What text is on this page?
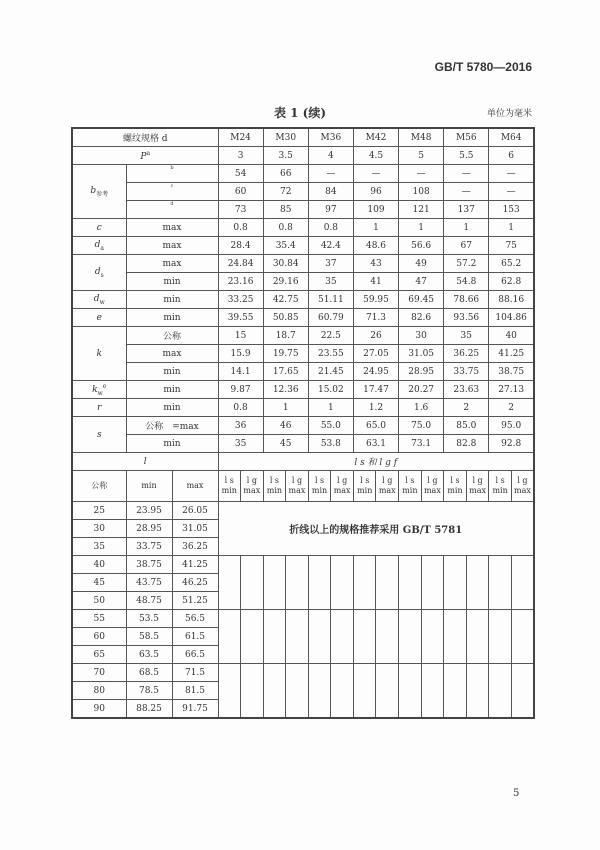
GB/T 5780—2016
表 1 (续)	单位为毫米
螺纹规格 d			M24		M30		M36		M42		M48		M56		M64	
$P^a$			3		3.5		4		4.5		5		5.5		6	
$b_{参考}$	b		54		66		—		—		—		—		—	
	c		60		72		84		96		108		—		—	
	d		73		85		97		109		121		137		153	
c	max		0.8		0.8		0.8		1		1		1		1	
$d_a$	max		28.4		35.4		42.4		48.6		56.6		67		75	
$d_s$	max		24.84		30.84		37		43		49		57.2		65.2	
	min		23.16		29.16		35		41		47		54.8		62.8	
$d_w$	min		33.25		42.75		51.11		59.95		69.45		78.66		88.16	
e	min		39.55		50.85		60.79		71.3		82.6		93.56		104.86	
k	公称		15		18.7		22.5		26		30		35		40	
	max		15.9		19.75		23.55		27.05		31.05		36.25		41.25	
	min		14.1		17.65		21.45		24.95		28.95		33.75		38.75	
$k_w^e$	min		9.87		12.36		15.02		17.47		20.27		23.63		27.13	
r	min		0.8		1		1		1.2		1.6		2		2	
s	公称　=max		36		46		55.0		65.0		75.0		85.0		95.0	
	min		35		45		53.8		63.1		73.1		82.8		92.8	
l			l s 和 l g f													
公称	min	max	l s min	l g max	l s min	l g max	l s min	l g max	l s min	l g max	l s min	l g max	l s min	l g max	l s min	l g max
25	23.95	26.05	折线以上的规格推荐采用 GB/T 5781													
30	28.95	31.05														
35	33.75	36.25														
40	38.75	41.25														
45	43.75	46.25														
50	48.75	51.25														
55	53.5	56.5														
60	58.5	61.5														
65	63.5	66.5														
70	68.5	71.5														
80	78.5	81.5														
90	88.25	91.75														
5
